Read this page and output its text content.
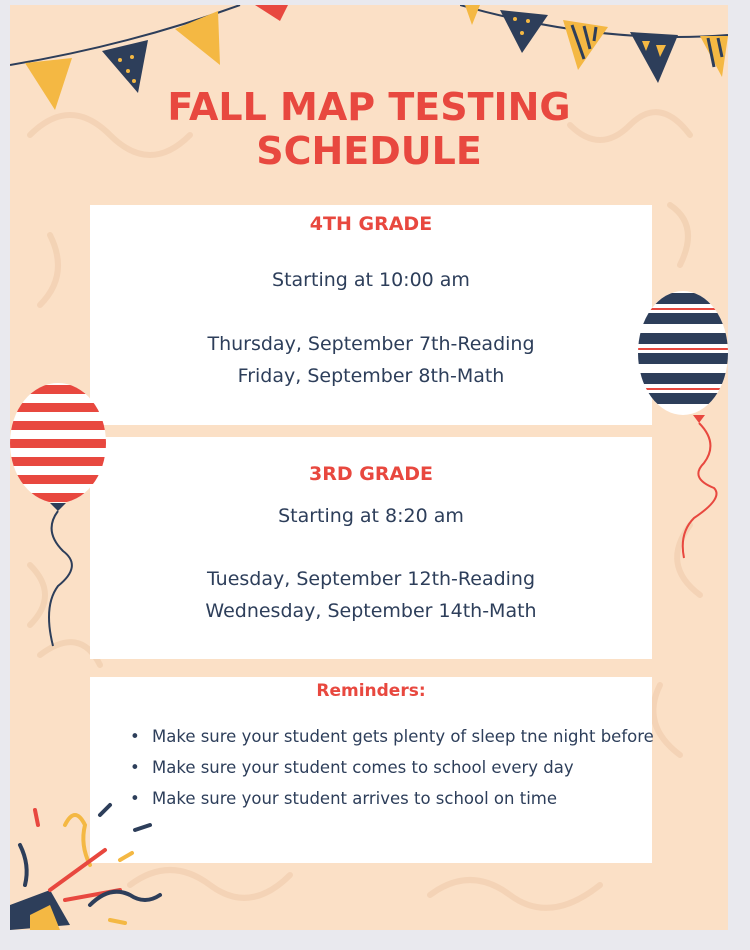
FALL MAP TESTING
SCHEDULE
4TH GRADE
Starting at 10:00 am
Thursday, September 7th-Reading
Friday, September 8th-Math
3RD GRADE
Starting at 8:20 am
Tuesday, September 12th-Reading
Wednesday, September 14th-Math
Reminders:
• Make sure your student gets plenty of sleep tne night before
• Make sure your student comes to school every day
• Make sure your student arrives to school on time
